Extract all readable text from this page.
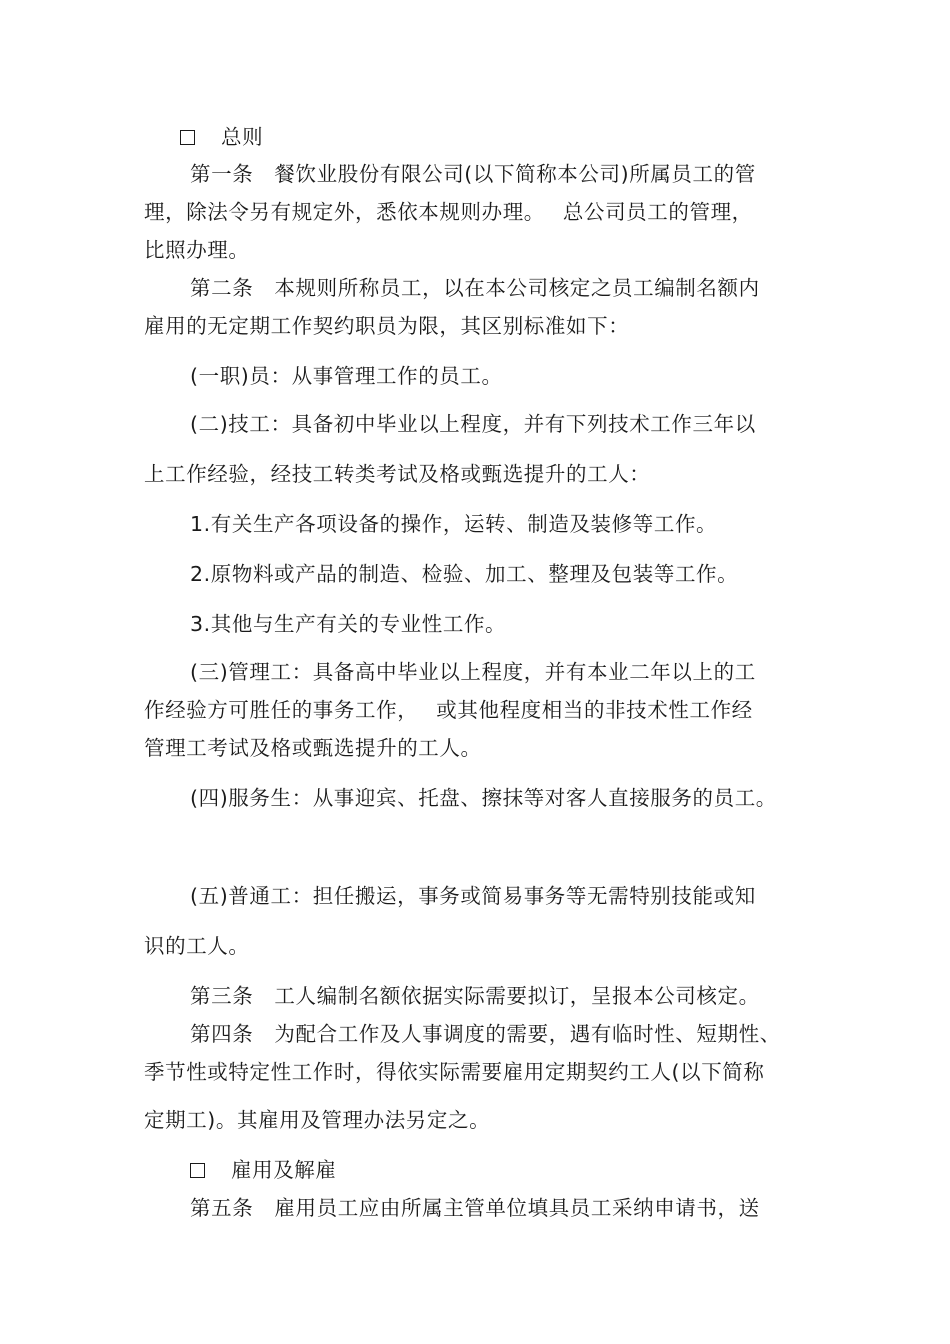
总则
第一条　餐饮业股份有限公司(以下简称本公司)所属员工的管
理，除法令另有规定外，悉依本规则办理。　 总公司员工的管理，
比照办理。
第二条　本规则所称员工，以在本公司核定之员工编制名额内
雇用的无定期工作契约职员为限，其区别标准如下：
(一职)员：从事管理工作的员工。
(二)技工：具备初中毕业以上程度，并有下列技术工作三年以
上工作经验，经技工转类考试及格或甄选提升的工人：
1.有关生产各项设备的操作，运转、制造及装修等工作。
2.原物料或产品的制造、检验、加工、整理及包装等工作。
3.其他与生产有关的专业性工作。
(三)管理工：具备高中毕业以上程度，并有本业二年以上的工
作经验方可胜任的事务工作，　 或其他程度相当的非技术性工作经
管理工考试及格或甄选提升的工人。
(四)服务生：从事迎宾、托盘、擦抹等对客人直接服务的员工。
(五)普通工：担任搬运，事务或简易事务等无需特别技能或知
识的工人。
第三条　工人编制名额依据实际需要拟订，呈报本公司核定。
第四条　为配合工作及人事调度的需要，遇有临时性、短期性、
季节性或特定性工作时，得依实际需要雇用定期契约工人(以下简称
定期工)。其雇用及管理办法另定之。
雇用及解雇
第五条　雇用员工应由所属主管单位填具员工采纳申请书，送
